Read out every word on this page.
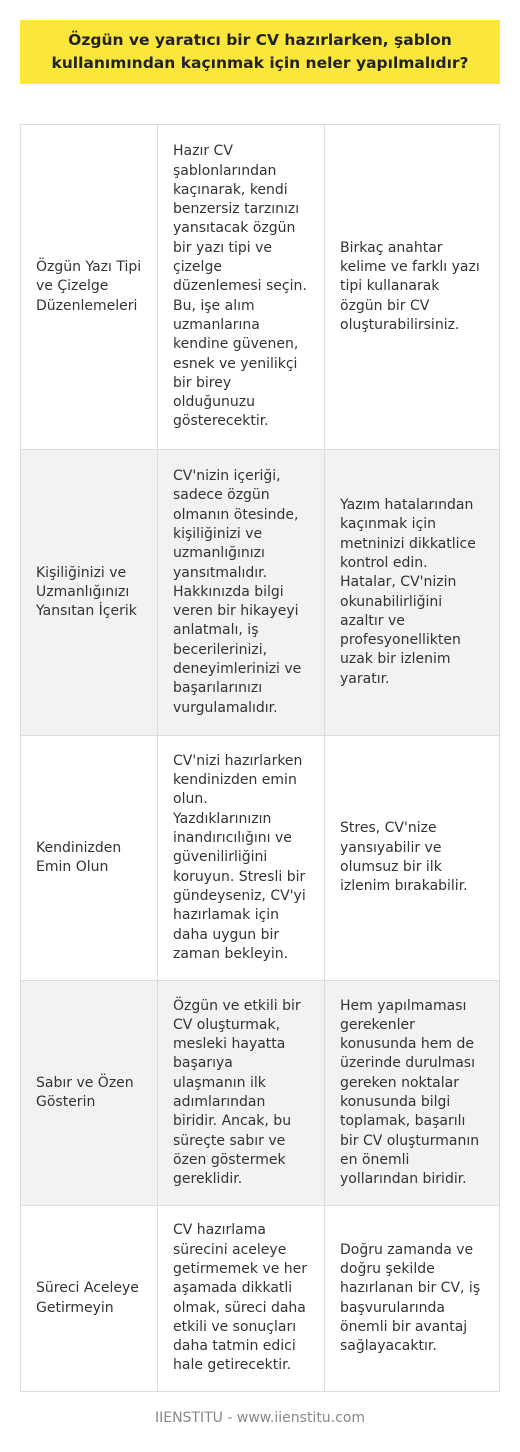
Özgün ve yaratıcı bir CV hazırlarken, şablon kullanımından kaçınmak için neler yapılmalıdır?
Özgün Yazı Tipi ve Çizelge Düzenlemeleri
Hazır CV şablonlarından kaçınarak, kendi benzersiz tarzınızı yansıtacak özgün bir yazı tipi ve çizelge düzenlemesi seçin. Bu, işe alım uzmanlarına kendine güvenen, esnek ve yenilikçi bir birey olduğunuzu gösterecektir.
Birkaç anahtar kelime ve farklı yazı tipi kullanarak özgün bir CV oluşturabilirsiniz.
Kişiliğinizi ve Uzmanlığınızı Yansıtan İçerik
CV'nizin içeriği, sadece özgün olmanın ötesinde, kişiliğinizi ve uzmanlığınızı yansıtmalıdır. Hakkınızda bilgi veren bir hikayeyi anlatmalı, iş becerilerinizi, deneyimlerinizi ve başarılarınızı vurgulamalıdır.
Yazım hatalarından kaçınmak için metninizi dikkatlice kontrol edin. Hatalar, CV'nizin okunabilirliğini azaltır ve profesyonellikten uzak bir izlenim yaratır.
Kendinizden Emin Olun
CV'nizi hazırlarken kendinizden emin olun. Yazdıklarınızın inandırıcılığını ve güvenilirliğini koruyun. Stresli bir gündeyseniz, CV'yi hazırlamak için daha uygun bir zaman bekleyin.
Stres, CV'nize yansıyabilir ve olumsuz bir ilk izlenim bırakabilir.
Sabır ve Özen Gösterin
Özgün ve etkili bir CV oluşturmak, mesleki hayatta başarıya ulaşmanın ilk adımlarından biridir. Ancak, bu süreçte sabır ve özen göstermek gereklidir.
Hem yapılmaması gerekenler konusunda hem de üzerinde durulması gereken noktalar konusunda bilgi toplamak, başarılı bir CV oluşturmanın en önemli yollarından biridir.
Süreci Aceleye Getirmeyin
CV hazırlama sürecini aceleye getirmemek ve her aşamada dikkatli olmak, süreci daha etkili ve sonuçları daha tatmin edici hale getirecektir.
Doğru zamanda ve doğru şekilde hazırlanan bir CV, iş başvurularında önemli bir avantaj sağlayacaktır.
IIENSTITU - www.iienstitu.com
